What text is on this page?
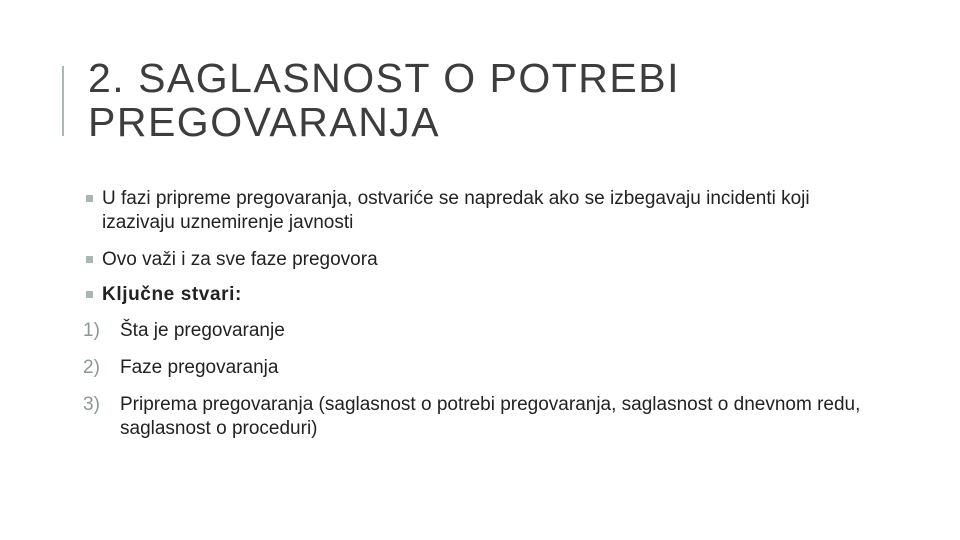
2. SAGLASNOST O POTREBI
PREGOVARANJA
U fazi pripreme pregovaranja, ostvariće se napredak ako se izbegavaju incidenti koji izazivaju uznemirenje javnosti
Ovo važi i za sve faze pregovora
Ključne stvari:
1) Šta je pregovaranje
2) Faze pregovaranja
3) Priprema pregovaranja (saglasnost o potrebi pregovaranja, saglasnost o dnevnom redu, saglasnost o proceduri)
